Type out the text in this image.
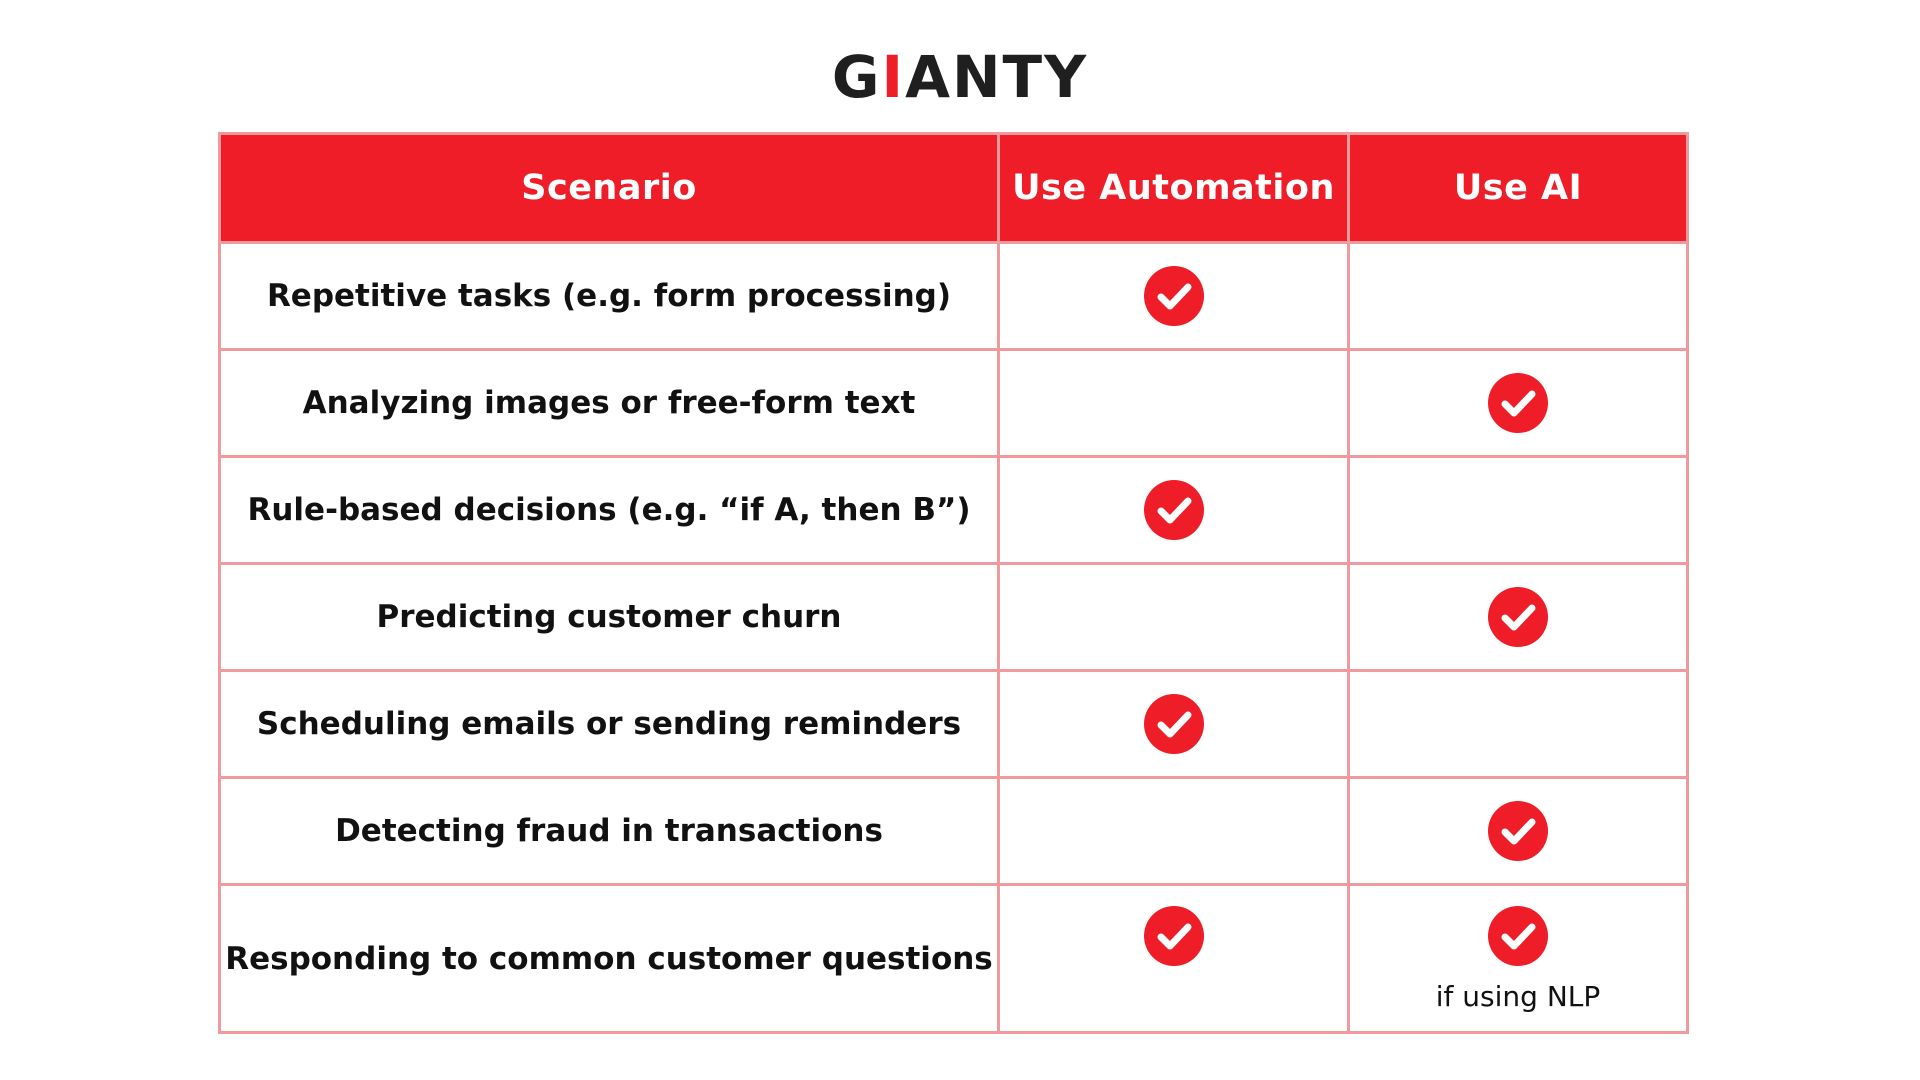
GIANTY
Scenario	Use Automation	Use AI
Repetitive tasks (e.g. form processing)	

Analyzing images or free-form text		

Rule-based decisions (e.g. “if A, then B”)	

Predicting customer churn		

Scheduling emails or sending reminders	

Detecting fraud in transactions		

Responding to common customer questions		if using NLP
